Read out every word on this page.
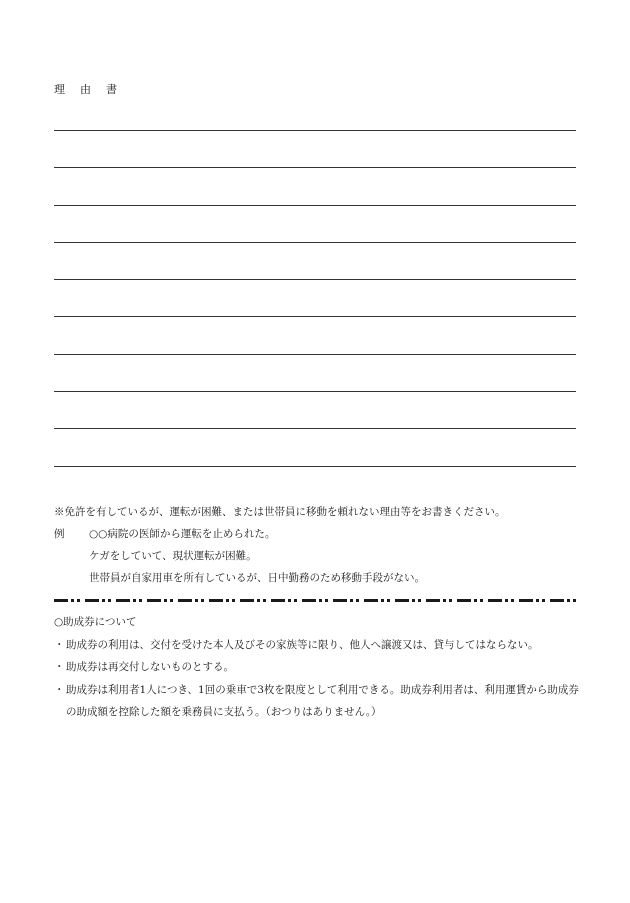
理　由　書
※免許を有しているが、運転が困難、または世帯員に移動を頼れない理由等をお書きください。
例	○○病院の医師から運転を止められた。
ケガをしていて、現状運転が困難。
世帯員が自家用車を所有しているが、日中勤務のため移動手段がない。
○助成券について
・ 助成券の利用は、交付を受けた本人及びその家族等に限り、他人へ譲渡又は、貸与してはならない。
・ 助成券は再交付しないものとする。
・ 助成券は利用者1人につき、1回の乗車で3枚を限度として利用できる。助成券利用者は、利用運賃から助成券の助成額を控除した額を乗務員に支払う。（おつりはありません。）
